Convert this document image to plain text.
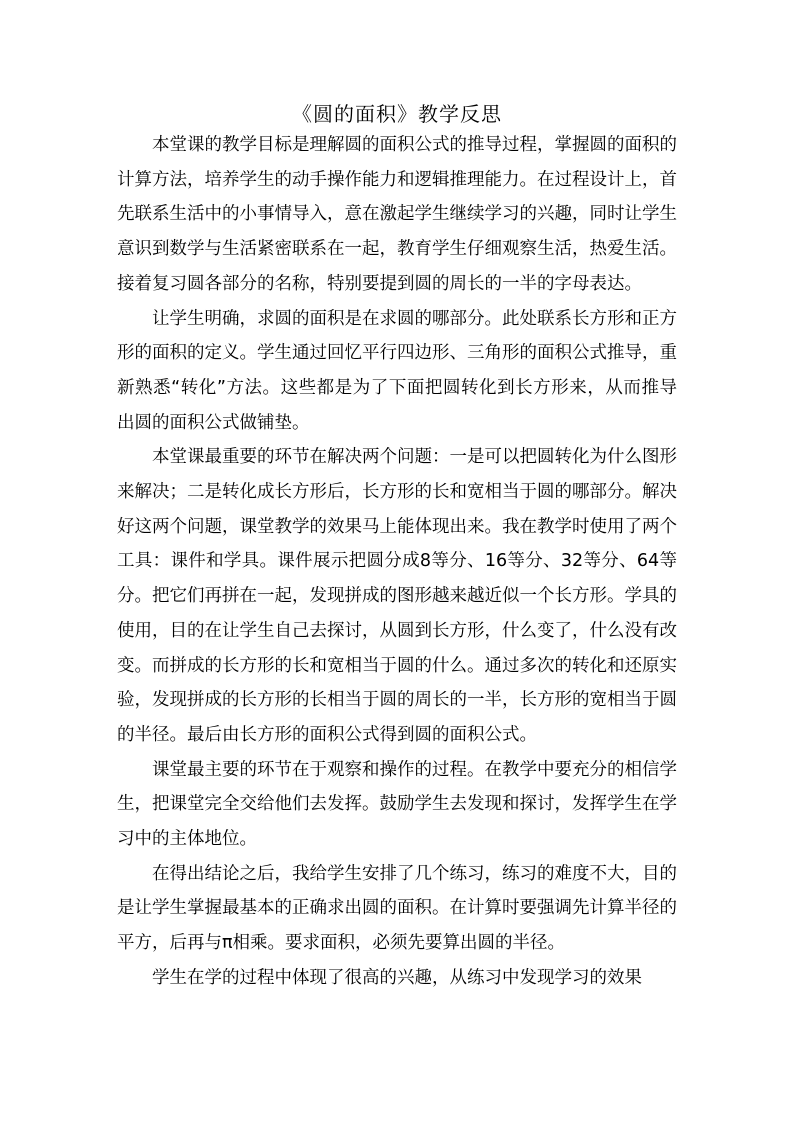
《圆的面积》教学反思

本堂课的教学目标是理解圆的面积公式的推导过程，掌握圆的面积的计算方法，培养学生的动手操作能力和逻辑推理能力。在过程设计上，首先联系生活中的小事情导入，意在激起学生继续学习的兴趣，同时让学生意识到数学与生活紧密联系在一起，教育学生仔细观察生活，热爱生活。接着复习圆各部分的名称，特别要提到圆的周长的一半的字母表达。

让学生明确，求圆的面积是在求圆的哪部分。此处联系长方形和正方形的面积的定义。学生通过回忆平行四边形、三角形的面积公式推导，重新熟悉“转化”方法。这些都是为了下面把圆转化到长方形来，从而推导出圆的面积公式做铺垫。

本堂课最重要的环节在解决两个问题：一是可以把圆转化为什么图形来解决；二是转化成长方形后，长方形的长和宽相当于圆的哪部分。解决好这两个问题，课堂教学的效果马上能体现出来。我在教学时使用了两个工具：课件和学具。课件展示把圆分成8等分、16等分、32等分、64等分。把它们再拼在一起，发现拼成的图形越来越近似一个长方形。学具的使用，目的在让学生自己去探讨，从圆到长方形，什么变了，什么没有改变。而拼成的长方形的长和宽相当于圆的什么。通过多次的转化和还原实验，发现拼成的长方形的长相当于圆的周长的一半，长方形的宽相当于圆的半径。最后由长方形的面积公式得到圆的面积公式。

课堂最主要的环节在于观察和操作的过程。在教学中要充分的相信学生，把课堂完全交给他们去发挥。鼓励学生去发现和探讨，发挥学生在学习中的主体地位。

在得出结论之后，我给学生安排了几个练习，练习的难度不大，目的是让学生掌握最基本的正确求出圆的面积。在计算时要强调先计算半径的平方，后再与π相乘。要求面积，必须先要算出圆的半径。

学生在学的过程中体现了很高的兴趣，从练习中发现学习的效果
